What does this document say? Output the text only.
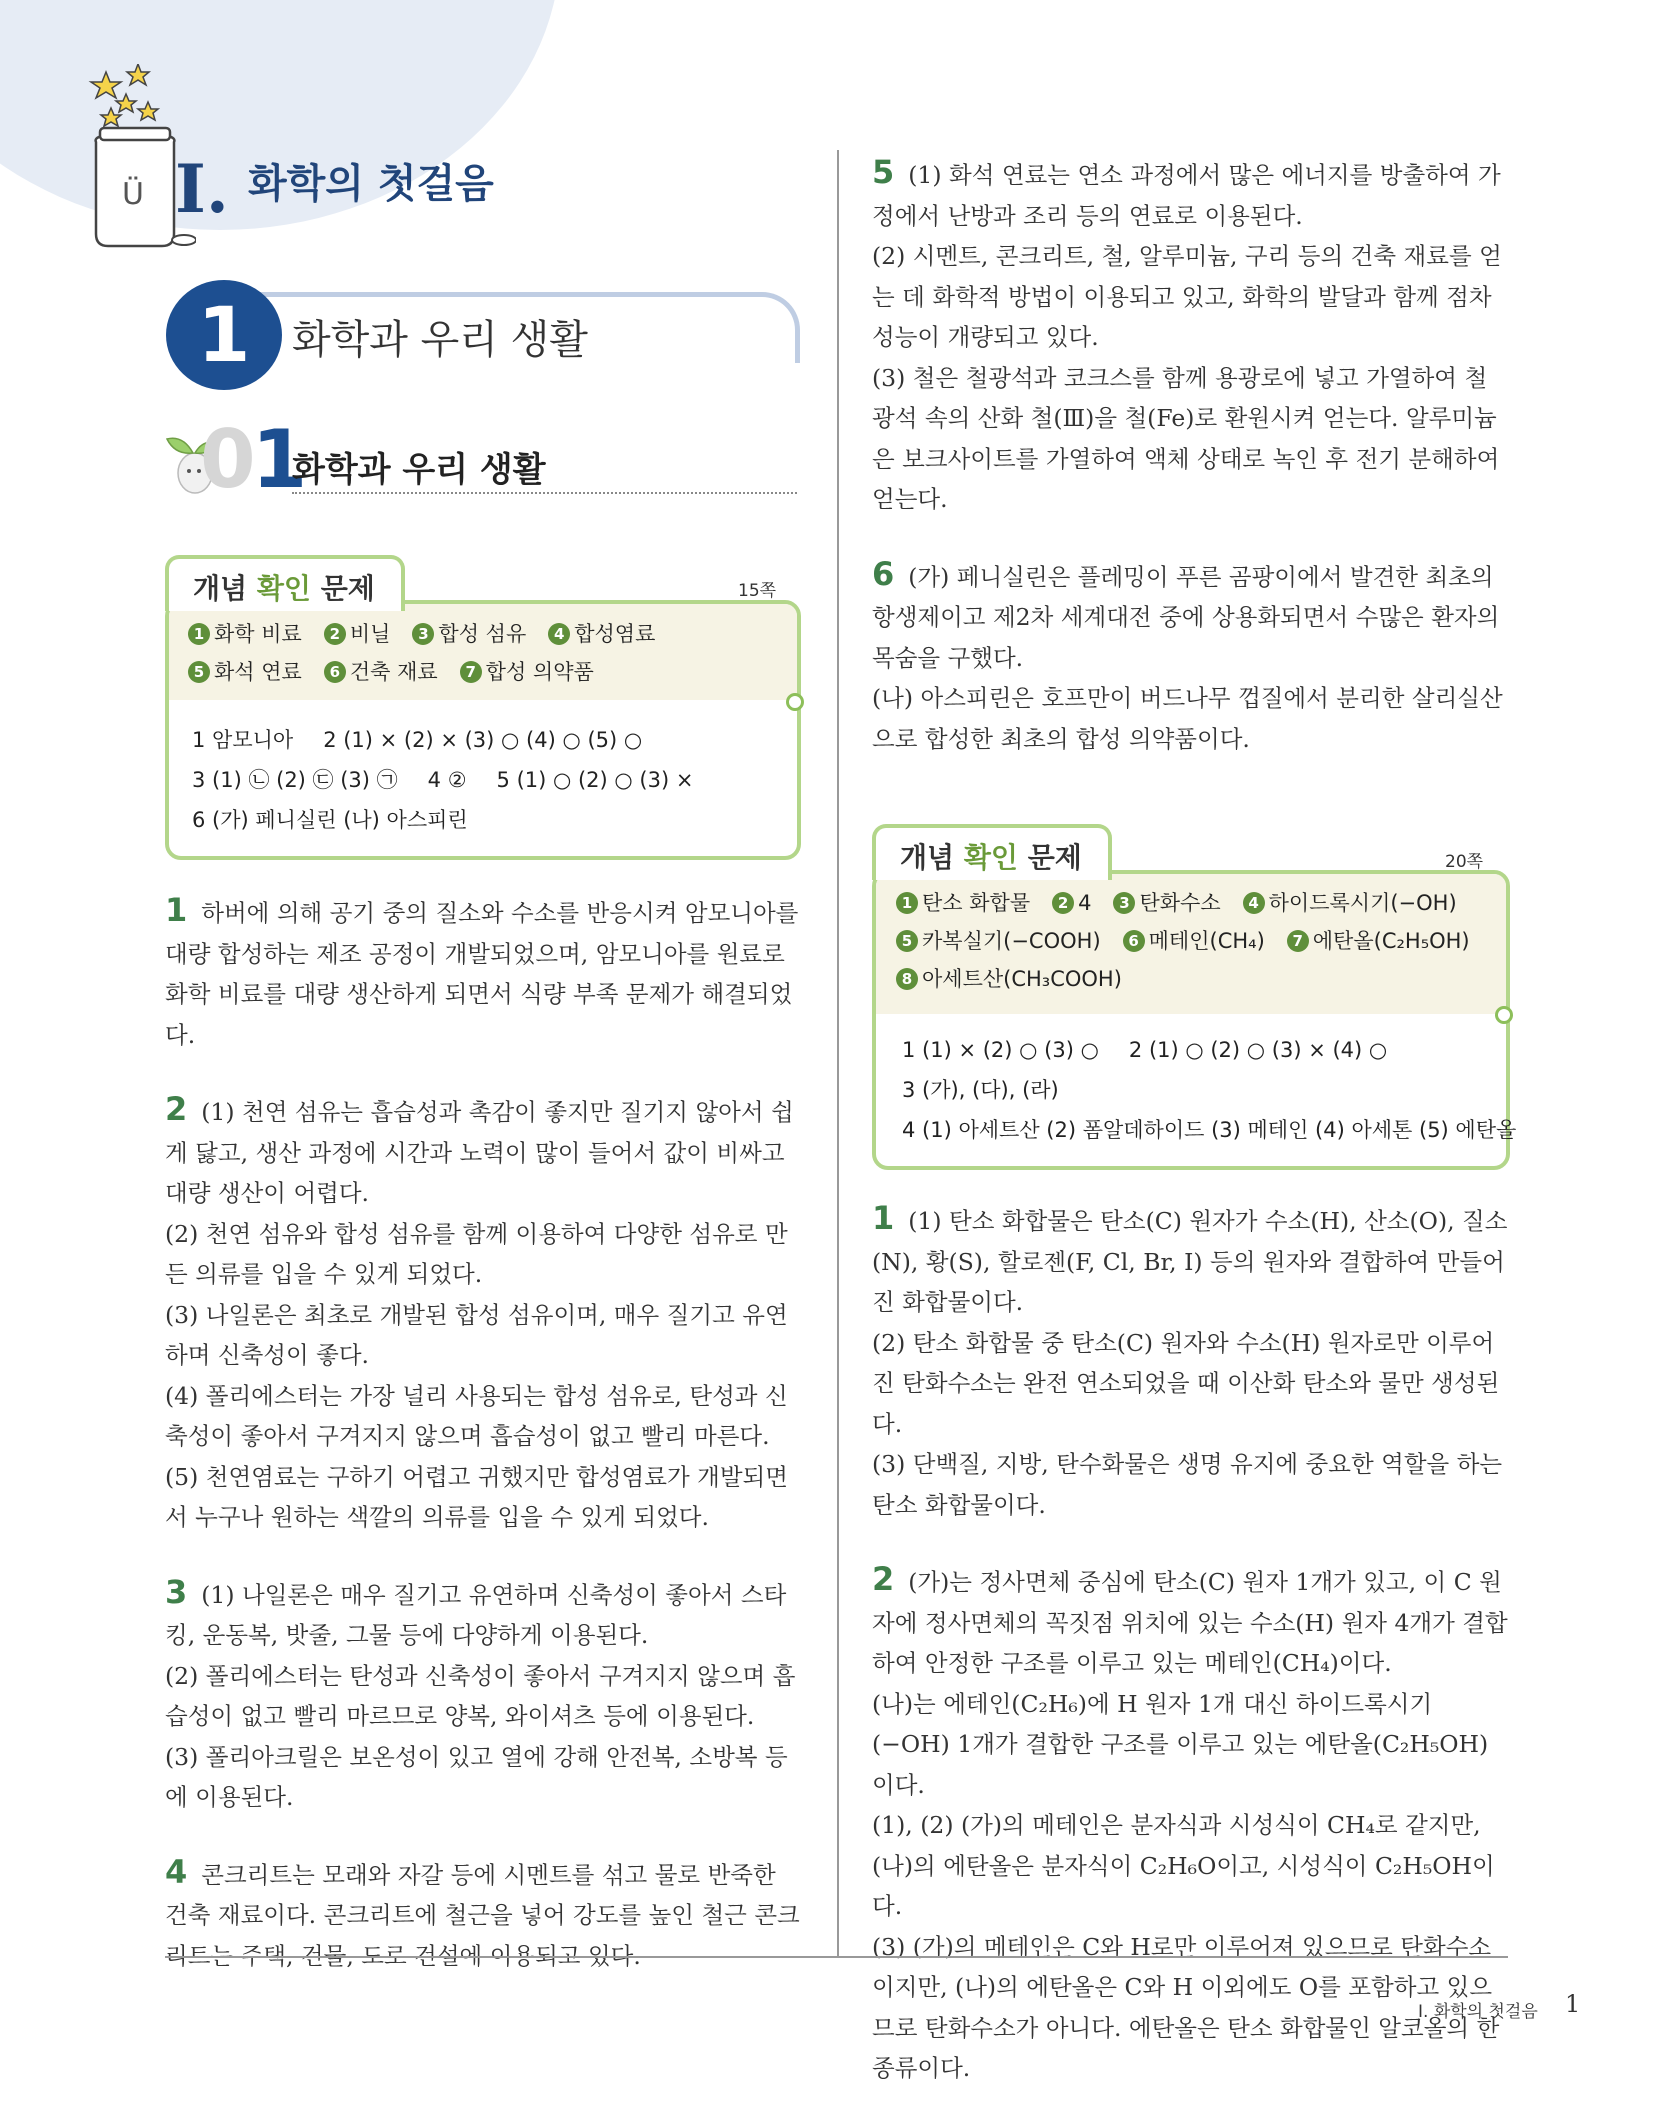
Ü I. 화학의 첫걸음
1	화학과 우리 생활
01
화학과 우리 생활
개념 확인 문제	15쪽
1 화학 비료 2 비닐 3 합성 섬유 4 합성염료5 화석 연료 6 건축 재료 7 합성 의약품
1 암모니아 2 (1) × (2) × (3) ○ (4) ○ (5) ○3 (1) ㉡ (2) ㉢ (3) ㉠ 4 ② 5 (1) ○ (2) ○ (3) ×6 (가) 페니실린 (나) 아스피린

1 하버에 의해 공기 중의 질소와 수소를 반응시켜 암모니아를 대량 합성하는 제조 공정이 개발되었으며, 암모니아를 원료로 화학 비료를 대량 생산하게 되면서 식량 부족 문제가 해결되었다.

2 (1) 천연 섬유는 흡습성과 촉감이 좋지만 질기지 않아서 쉽게 닳고, 생산 과정에 시간과 노력이 많이 들어서 값이 비싸고 대량 생산이 어렵다.

(2) 천연 섬유와 합성 섬유를 함께 이용하여 다양한 섬유로 만든 의류를 입을 수 있게 되었다.

(3) 나일론은 최초로 개발된 합성 섬유이며, 매우 질기고 유연하며 신축성이 좋다.

(4) 폴리에스터는 가장 널리 사용되는 합성 섬유로, 탄성과 신축성이 좋아서 구겨지지 않으며 흡습성이 없고 빨리 마른다.

(5) 천연염료는 구하기 어렵고 귀했지만 합성염료가 개발되면서 누구나 원하는 색깔의 의류를 입을 수 있게 되었다.

3 (1) 나일론은 매우 질기고 유연하며 신축성이 좋아서 스타킹, 운동복, 밧줄, 그물 등에 다양하게 이용된다.

(2) 폴리에스터는 탄성과 신축성이 좋아서 구겨지지 않으며 흡습성이 없고 빨리 마르므로 양복, 와이셔츠 등에 이용된다.

(3) 폴리아크릴은 보온성이 있고 열에 강해 안전복, 소방복 등에 이용된다.

4 콘크리트는 모래와 자갈 등에 시멘트를 섞고 물로 반죽한 건축 재료이다. 콘크리트에 철근을 넣어 강도를 높인 철근 콘크리트는 주택, 건물, 도로 건설에 이용되고 있다.

5 (1) 화석 연료는 연소 과정에서 많은 에너지를 방출하여 가정에서 난방과 조리 등의 연료로 이용된다.

(2) 시멘트, 콘크리트, 철, 알루미늄, 구리 등의 건축 재료를 얻는 데 화학적 방법이 이용되고 있고, 화학의 발달과 함께 점차 성능이 개량되고 있다.

(3) 철은 철광석과 코크스를 함께 용광로에 넣고 가열하여 철광석 속의 산화 철(Ⅲ)을 철(Fe)로 환원시켜 얻는다. 알루미늄은 보크사이트를 가열하여 액체 상태로 녹인 후 전기 분해하여 얻는다.

6 (가) 페니실린은 플레밍이 푸른 곰팡이에서 발견한 최초의 항생제이고 제2차 세계대전 중에 상용화되면서 수많은 환자의 목숨을 구했다.

(나) 아스피린은 호프만이 버드나무 껍질에서 분리한 살리실산으로 합성한 최초의 합성 의약품이다.

개념 확인 문제	20쪽
1 탄소 화합물 2 4 3 탄화수소 4 하이드록시기(−OH)5 카복실기(−COOH) 6 메테인(CH₄) 7 에탄올(C₂H₅OH)8 아세트산(CH₃COOH)
1 (1) × (2) ○ (3) ○ 2 (1) ○ (2) ○ (3) × (4) ○3 (가), (다), (라)4 (1) 아세트산 (2) 폼알데하이드 (3) 메테인 (4) 아세톤 (5) 에탄올

1 (1) 탄소 화합물은 탄소(C) 원자가 수소(H), 산소(O), 질소(N), 황(S), 할로젠(F, Cl, Br, I) 등의 원자와 결합하여 만들어진 화합물이다.

(2) 탄소 화합물 중 탄소(C) 원자와 수소(H) 원자로만 이루어진 탄화수소는 완전 연소되었을 때 이산화 탄소와 물만 생성된다.

(3) 단백질, 지방, 탄수화물은 생명 유지에 중요한 역할을 하는 탄소 화합물이다.

2 (가)는 정사면체 중심에 탄소(C) 원자 1개가 있고, 이 C 원자에 정사면체의 꼭짓점 위치에 있는 수소(H) 원자 4개가 결합하여 안정한 구조를 이루고 있는 메테인(CH₄)이다.

(나)는 에테인(C₂H₆)에 H 원자 1개 대신 하이드록시기(−OH) 1개가 결합한 구조를 이루고 있는 에탄올(C₂H₅OH)이다.

(1), (2) (가)의 메테인은 분자식과 시성식이 CH₄로 같지만, (나)의 에탄올은 분자식이 C₂H₆O이고, 시성식이 C₂H₅OH이다.

(3) (가)의 메테인은 C와 H로만 이루어져 있으므로 탄화수소이지만, (나)의 에탄올은 C와 H 이외에도 O를 포함하고 있으므로 탄화수소가 아니다. 에탄올은 탄소 화합물인 알코올의 한 종류이다.

I. 화학의 첫걸음 1
